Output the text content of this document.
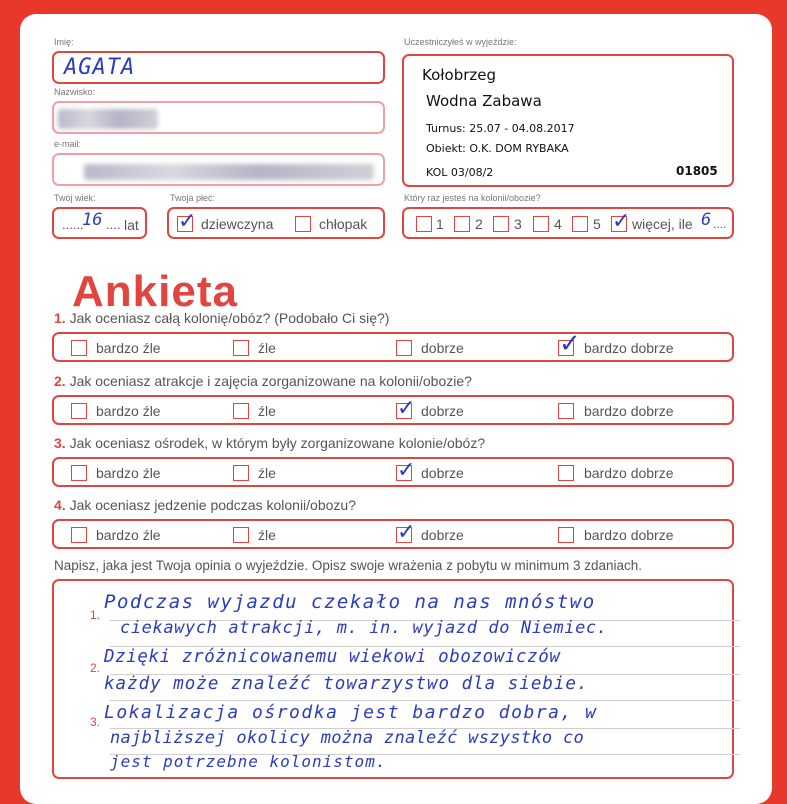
Imię:
AGATA
Nazwisko:
e-mail:
Twój wiek:
......
16 .... lat
Twoja płeć:
✓ dziewczyna	chłopak
Uczestniczyłeś w wyjeździe:
Kołobrzeg
Wodna Zabawa
Turnus: 25.07 - 04.08.2017
Obiekt: O.K. DOM RYBAKA
KOL 03/08/2	01805
Który raz jesteś na kolonii/obozie?
1 2 3 4 5 ✓ więcej, ile 6 ....
Ankieta
1. Jak oceniasz całą kolonię/obóz? (Podobało Ci się?)
bardzo źle	źle	dobrze	✓ bardzo dobrze
2. Jak oceniasz atrakcje i zajęcia zorganizowane na kolonii/obozie?
bardzo źle	źle	✓ dobrze	bardzo dobrze
3. Jak oceniasz ośrodek, w którym były zorganizowane kolonie/obóz?
bardzo źle	źle	✓ dobrze	bardzo dobrze
4. Jak oceniasz jedzenie podczas kolonii/obozu?
bardzo źle	źle	✓ dobrze	bardzo dobrze
Napisz, jaka jest Twoja opinia o wyjeździe. Opisz swoje wrażenia z pobytu w minimum 3 zdaniach.
1.
2.
3.
Podczas wyjazdu czekało na nas mnóstwo
ciekawych atrakcji, m. in. wyjazd do Niemiec.
Dzięki zróżnicowanemu wiekowi obozowiczów
każdy może znaleźć towarzystwo dla siebie.
Lokalizacja ośrodka jest bardzo dobra, w
najbliższej okolicy można znaleźć wszystko co
jest potrzebne kolonistom.
